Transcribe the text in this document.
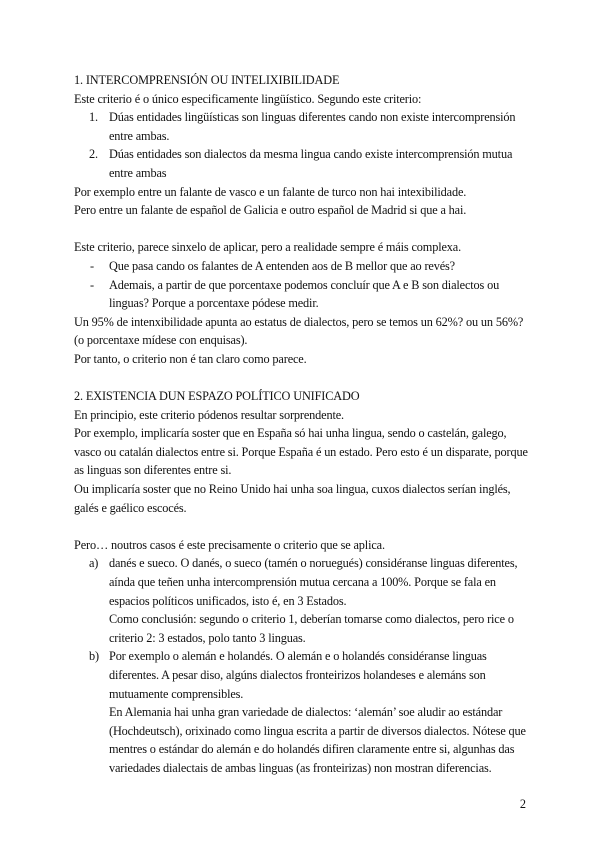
1. INTERCOMPRENSIÓN OU INTELIXIBILIDADE

Este criterio é o único especificamente lingüístico. Segundo este criterio:

1. Dúas entidades lingüísticas son linguas diferentes cando non existe intercomprensión entre ambas.
2. Dúas entidades son dialectos da mesma lingua cando existe intercomprensión mutua entre ambas

Por exemplo entre un falante de vasco e un falante de turco non hai intexibilidade.

Pero entre un falante de español de Galicia e outro español de Madrid si que a hai.

Este criterio, parece sinxelo de aplicar, pero a realidade sempre é máis complexa.

- Que pasa cando os falantes de A entenden aos de B mellor que ao revés?
- Ademais, a partir de que porcentaxe podemos concluír que A e B son dialectos ou linguas? Porque a porcentaxe pódese medir.

Un 95% de intenxibilidade apunta ao estatus de dialectos, pero se temos un 62%? ou un 56%? (o porcentaxe mídese con enquisas).

Por tanto, o criterio non é tan claro como parece.

2. EXISTENCIA DUN ESPAZO POLÍTICO UNIFICADO

En principio, este criterio pódenos resultar sorprendente.

Por exemplo, implicaría soster que en España só hai unha lingua, sendo o castelán, galego, vasco ou catalán dialectos entre si. Porque España é un estado. Pero esto é un disparate, porque as linguas son diferentes entre si.

Ou implicaría soster que no Reino Unido hai unha soa lingua, cuxos dialectos serían inglés, galés e gaélico escocés.

Pero… noutros casos é este precisamente o criterio que se aplica.

a) danés e sueco. O danés, o sueco (tamén o noruegués) considéranse linguas diferentes, aínda que teñen unha intercomprensión mutua cercana a 100%. Porque se fala en espacios políticos unificados, isto é, en 3 Estados.

Como conclusión: segundo o criterio 1, deberían tomarse como dialectos, pero rice o criterio 2: 3 estados, polo tanto 3 linguas.

b) Por exemplo o alemán e holandés. O alemán e o holandés considéranse linguas diferentes. A pesar diso, algúns dialectos fronteirizos holandeses e alemáns son mutuamente comprensibles.

En Alemania hai unha gran variedade de dialectos: ‘alemán’ soe aludir ao estándar (Hochdeutsch), orixinado como lingua escrita a partir de diversos dialectos. Nótese que mentres o estándar do alemán e do holandés difiren claramente entre si, algunhas das variedades dialectais de ambas linguas (as fronteirizas) non mostran diferencias.

2
